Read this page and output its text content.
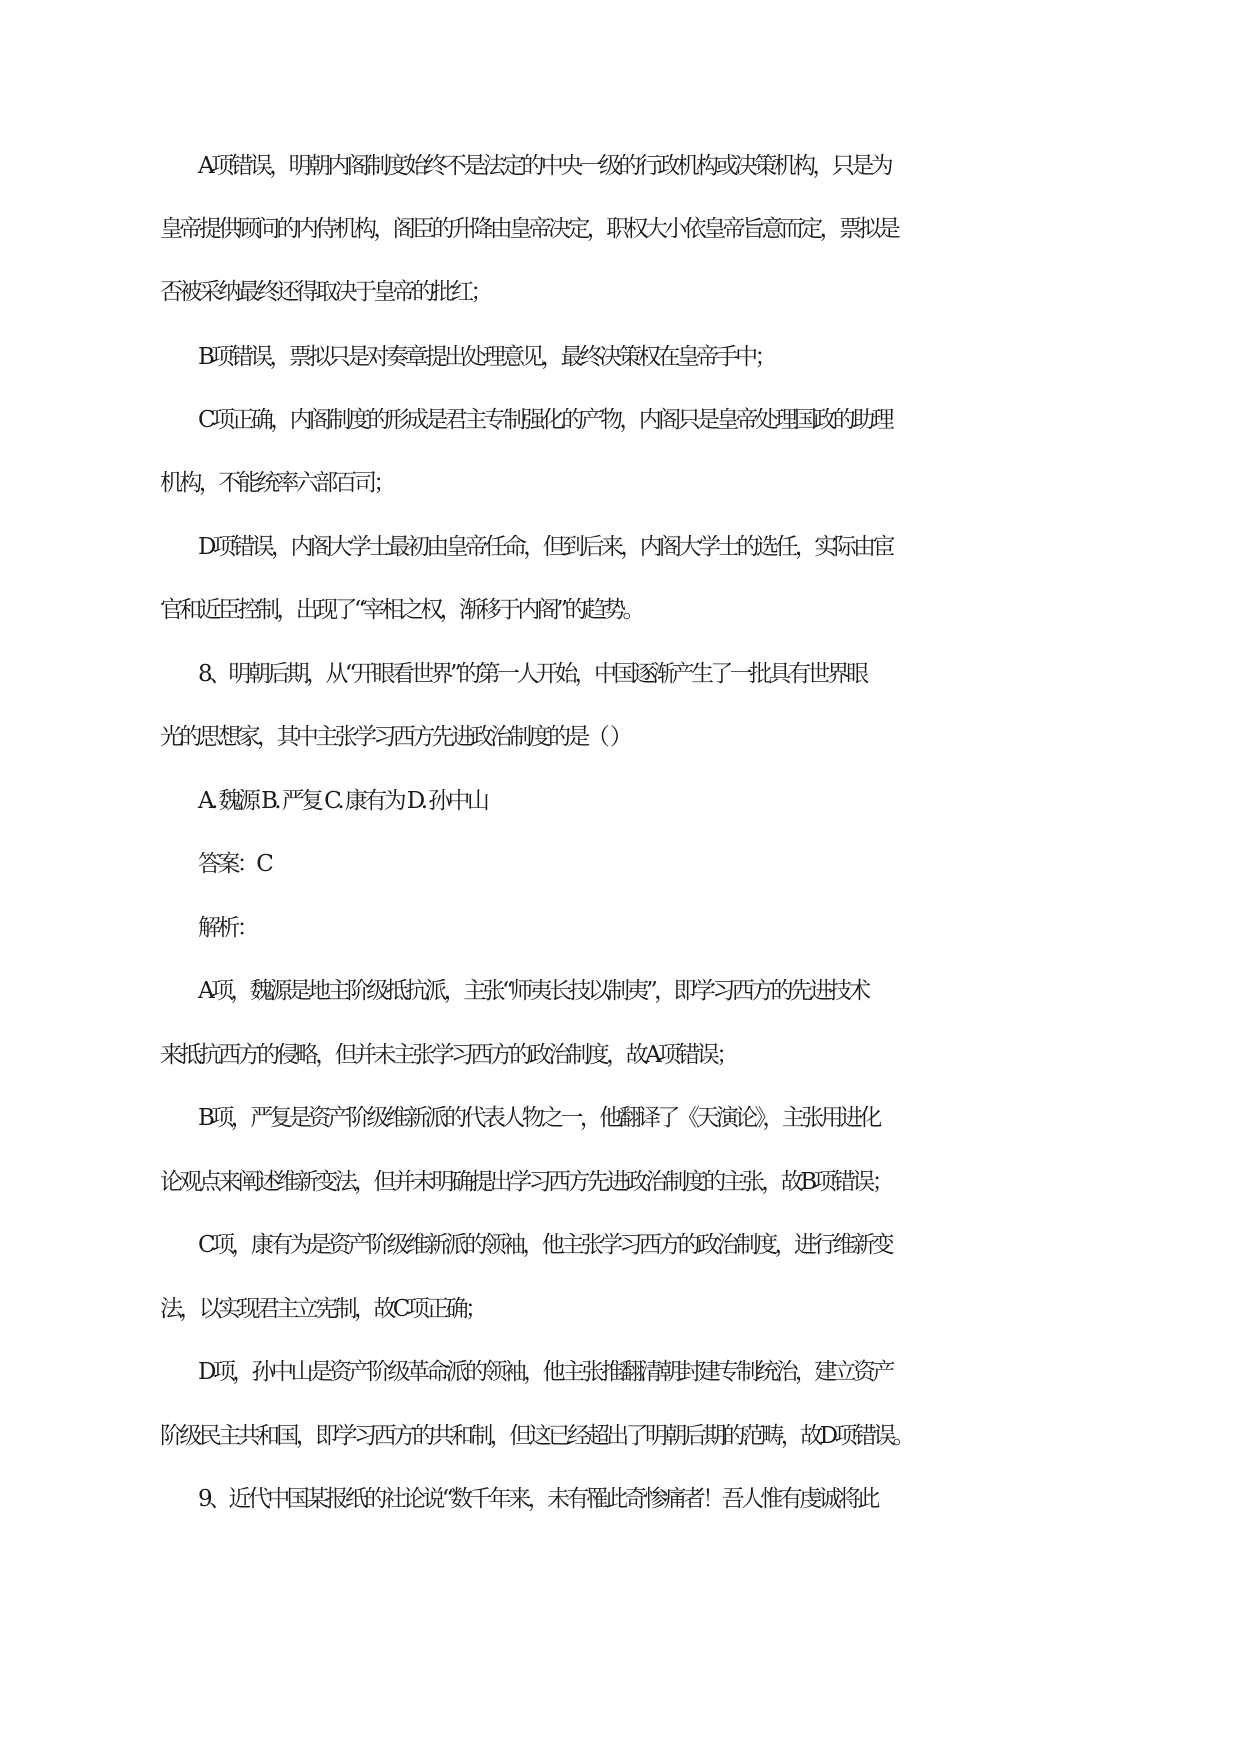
A项错误，明朝内阁制度始终不是法定的中央一级的行政机构或决策机构，只是为
皇帝提供顾问的内侍机构，阁臣的升降由皇帝决定，职权大小依皇帝旨意而定，票拟是
否被采纳最终还得取决于皇帝的批红；
B项错误，票拟只是对奏章提出处理意见，最终决策权在皇帝手中；
C项正确，内阁制度的形成是君主专制强化的产物，内阁只是皇帝处理国政的助理
机构，不能统率六部百司；
D项错误，内阁大学士最初由皇帝任命，但到后来，内阁大学士的选任，实际由宦
官和近臣控制，出现了“宰相之权，渐移于内阁”的趋势。
8、明朝后期，从“开眼看世界”的第一人开始，中国逐渐产生了一批具有世界眼
光的思想家，其中主张学习西方先进政治制度的是（ ）
A. 魏源 B. 严复 C. 康有为 D. 孙中山
答案：C
解析：
A项，魏源是地主阶级抵抗派，主张“师夷长技以制夷”，即学习西方的先进技术
来抵抗西方的侵略，但并未主张学习西方的政治制度，故A项错误；
B项，严复是资产阶级维新派的代表人物之一，他翻译了《天演论》，主张用进化
论观点来阐述维新变法，但并未明确提出学习西方先进政治制度的主张，故B项错误；
C项，康有为是资产阶级维新派的领袖，他主张学习西方的政治制度，进行维新变
法，以实现君主立宪制，故C项正确；
D项，孙中山是资产阶级革命派的领袖，他主张推翻清朝封建专制统治，建立资产
阶级民主共和国，即学习西方的共和制，但这已经超出了明朝后期的范畴，故D项错误。
9、近代中国某报纸的社论说“数千年来，未有罹此奇惨痛者！吾人惟有虔诚将此
